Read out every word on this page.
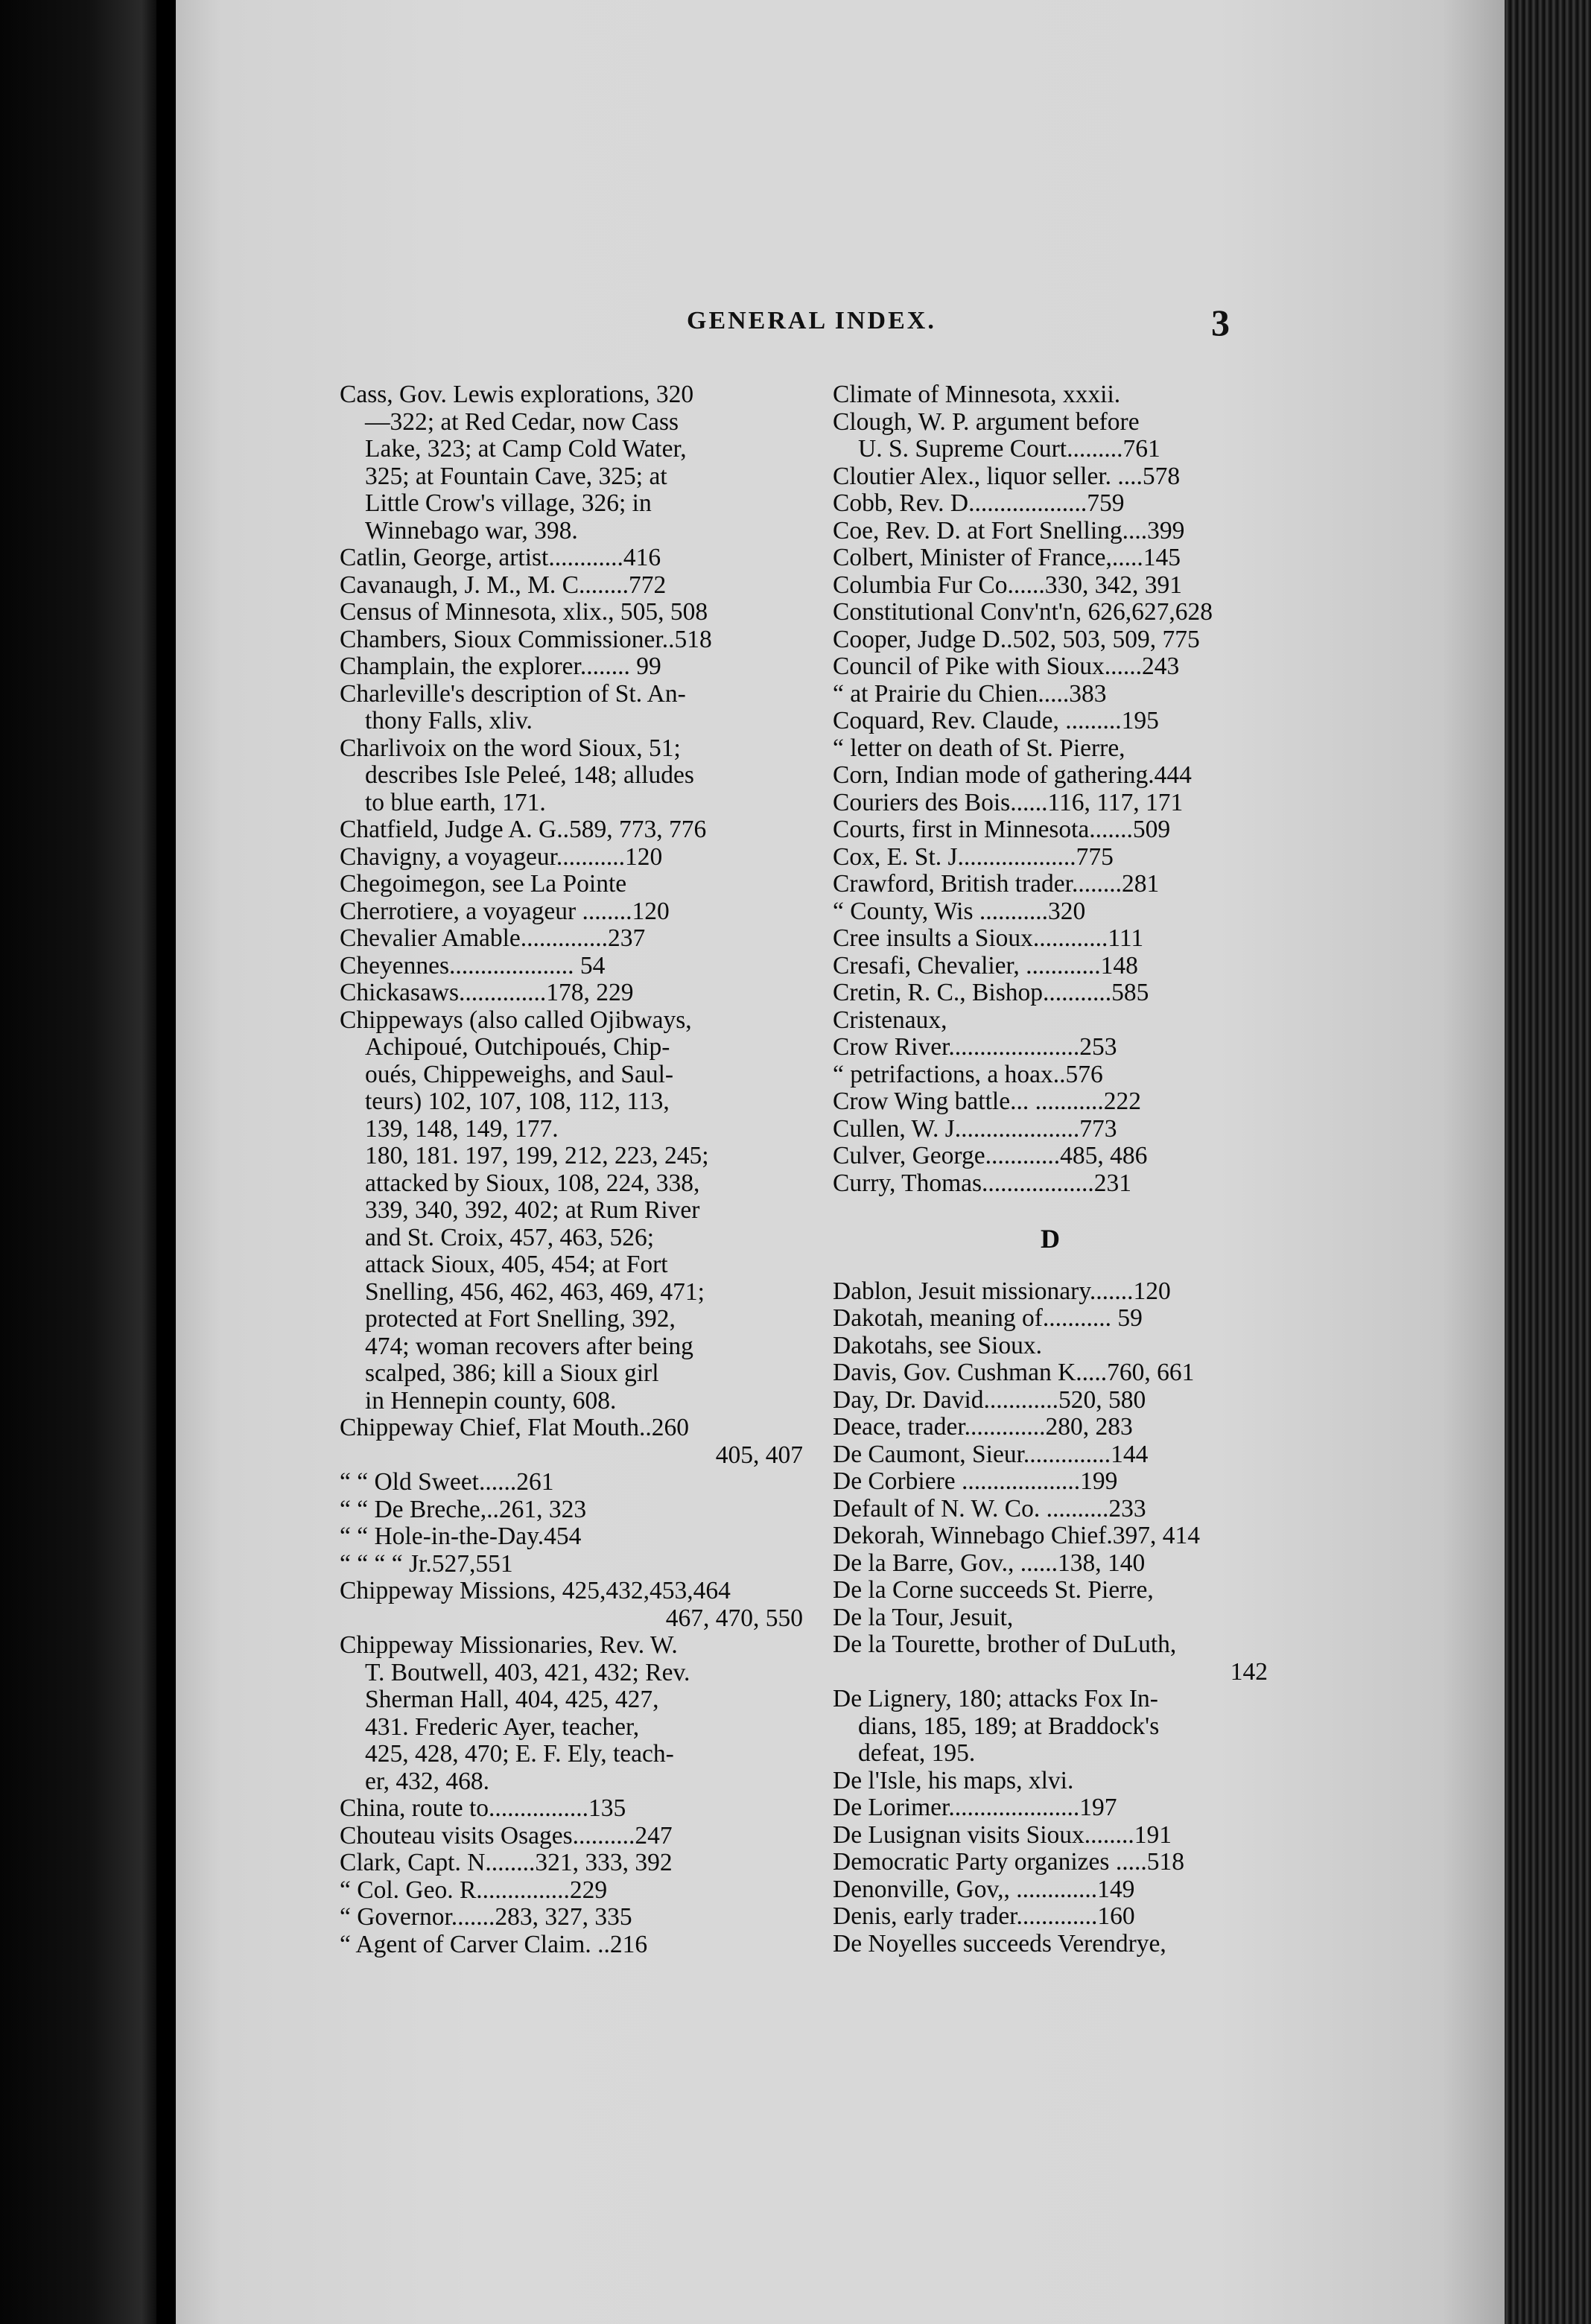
GENERAL INDEX.	3
Cass, Gov. Lewis explorations, 320
—322; at Red Cedar, now Cass
Lake, 323; at Camp Cold Water,
325; at Fountain Cave, 325; at
Little Crow's village, 326; in
Winnebago war, 398.
Catlin, George, artist............416
Cavanaugh, J. M., M. C........772
Census of Minnesota, xlix., 505, 508
Chambers, Sioux Commissioner..518
Champlain, the explorer........ 99
Charleville's description of St. An-
thony Falls, xliv.
Charlivoix on the word Sioux, 51;
describes Isle Peleé, 148; alludes
to blue earth, 171.
Chatfield, Judge A. G..589, 773, 776
Chavigny, a voyageur...........120
Chegoimegon, see La Pointe
Cherrotiere, a voyageur ........120
Chevalier Amable..............237
Cheyennes.................... 54
Chickasaws..............178, 229
Chippeways (also called Ojibways,
Achipoué, Outchipoués, Chip-
oués, Chippeweighs, and Saul-
teurs) 102, 107, 108, 112, 113,
139, 148, 149, 177.
180, 181. 197, 199, 212, 223, 245;
attacked by Sioux, 108, 224, 338,
339, 340, 392, 402; at Rum River
and St. Croix, 457, 463, 526;
attack Sioux, 405, 454; at Fort
Snelling, 456, 462, 463, 469, 471;
protected at Fort Snelling, 392,
474; woman recovers after being
scalped, 386; kill a Sioux girl
in Hennepin county, 608.
Chippeway Chief, Flat Mouth..260
405, 407
“ “ Old Sweet......261
“ “ De Breche,..261, 323
“ “ Hole-in-the-Day.454
“ “ “ “ Jr.527,551
Chippeway Missions, 425,432,453,464
467, 470, 550
Chippeway Missionaries, Rev. W.
T. Boutwell, 403, 421, 432; Rev.
Sherman Hall, 404, 425, 427,
431. Frederic Ayer, teacher,
425, 428, 470; E. F. Ely, teach-
er, 432, 468.
China, route to................135
Chouteau visits Osages..........247
Clark, Capt. N........321, 333, 392
“ Col. Geo. R...............229
“ Governor.......283, 327, 335
“ Agent of Carver Claim. ..216
Climate of Minnesota, xxxii.
Clough, W. P. argument before
U. S. Supreme Court.........761
Cloutier Alex., liquor seller. ....578
Cobb, Rev. D...................759
Coe, Rev. D. at Fort Snelling....399
Colbert, Minister of France,.....145
Columbia Fur Co......330, 342, 391
Constitutional Conv'nt'n, 626,627,628
Cooper, Judge D..502, 503, 509, 775
Council of Pike with Sioux......243
“ at Prairie du Chien.....383
Coquard, Rev. Claude, .........195
“ letter on death of St. Pierre,
Corn, Indian mode of gathering.444
Couriers des Bois......116, 117, 171
Courts, first in Minnesota.......509
Cox, E. St. J...................775
Crawford, British trader........281
“ County, Wis ...........320
Cree insults a Sioux............111
Cresafi, Chevalier, ............148
Cretin, R. C., Bishop...........585
Cristenaux,
Crow River.....................253
“ petrifactions, a hoax..576
Crow Wing battle... ...........222
Cullen, W. J....................773
Culver, George............485, 486
Curry, Thomas..................231
D
Dablon, Jesuit missionary.......120
Dakotah, meaning of........... 59
Dakotahs, see Sioux.
Davis, Gov. Cushman K.....760, 661
Day, Dr. David............520, 580
Deace, trader.............280, 283
De Caumont, Sieur..............144
De Corbiere ...................199
Default of N. W. Co. ..........233
Dekorah, Winnebago Chief.397, 414
De la Barre, Gov., ......138, 140
De la Corne succeeds St. Pierre,
De la Tour, Jesuit,
De la Tourette, brother of DuLuth,
142
De Lignery, 180; attacks Fox In-
dians, 185, 189; at Braddock's
defeat, 195.
De l'Isle, his maps, xlvi.
De Lorimer.....................197
De Lusignan visits Sioux........191
Democratic Party organizes .....518
Denonville, Gov,, .............149
Denis, early trader.............160
De Noyelles succeeds Verendrye,
